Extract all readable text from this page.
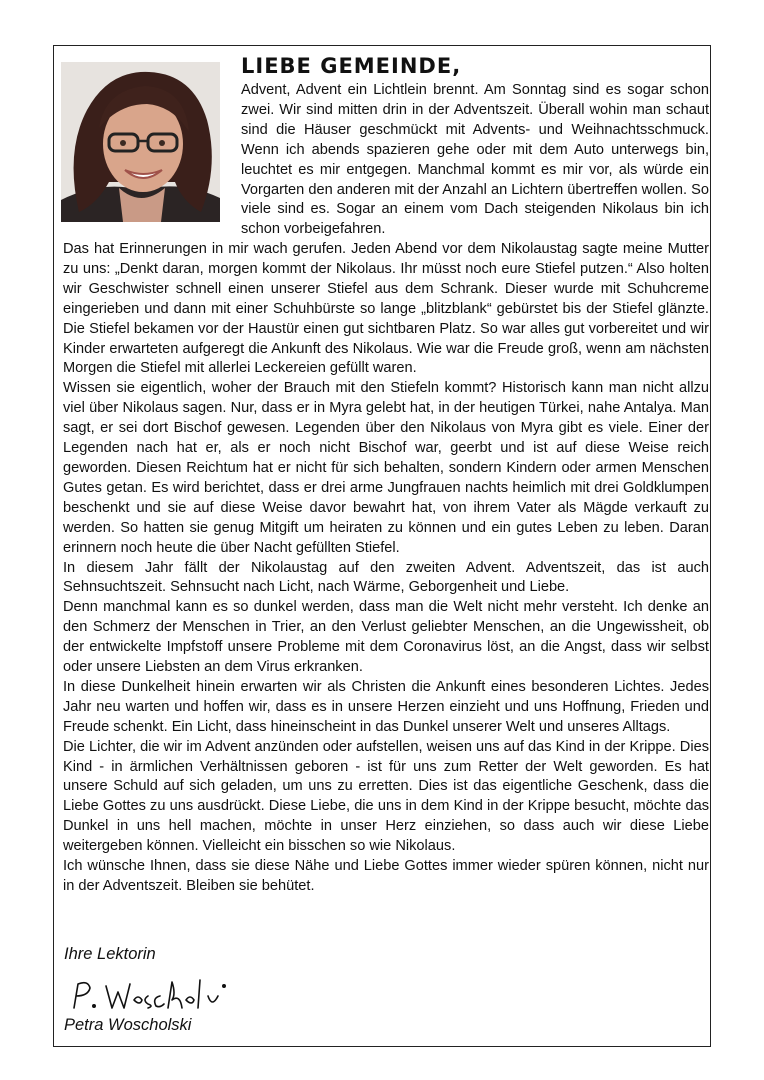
LIEBE GEMEINDE,

Advent, Advent ein Lichtlein brennt. Am Sonntag sind es sogar schon zwei. Wir sind mitten drin in der Adventszeit. Überall wohin man schaut sind die Häuser geschmückt mit Advents- und Weihnachtsschmuck. Wenn ich abends spazieren gehe oder mit dem Auto unterwegs bin, leuchtet es mir entgegen. Manchmal kommt es mir vor, als würde ein Vorgarten den anderen mit der Anzahl an Lichtern übertreffen wollen. So viele sind es. Sogar an einem vom Dach steigenden Nikolaus bin ich schon vorbeigefahren.

Das hat Erinnerungen in mir wach gerufen. Jeden Abend vor dem Nikolaustag sagte meine Mutter zu uns: „Denkt daran, morgen kommt der Nikolaus. Ihr müsst noch eure Stiefel putzen.“ Also holten wir Geschwister schnell einen unserer Stiefel aus dem Schrank. Dieser wurde mit Schuhcreme eingerieben und dann mit einer Schuhbürste so lange „blitzblank“ gebürstet bis der Stiefel glänzte. Die Stiefel bekamen vor der Haustür einen gut sichtbaren Platz. So war alles gut vorbereitet und wir Kinder erwarteten aufgeregt die Ankunft des Nikolaus. Wie war die Freude groß, wenn am nächsten Morgen die Stiefel mit allerlei Leckereien gefüllt waren.

Wissen sie eigentlich, woher der Brauch mit den Stiefeln kommt? Historisch kann man nicht allzu viel über Nikolaus sagen. Nur, dass er in Myra gelebt hat, in der heutigen Türkei, nahe Antalya. Man sagt, er sei dort Bischof gewesen. Legenden über den Nikolaus von Myra gibt es viele. Einer der Legenden nach hat er, als er noch nicht Bischof war, geerbt und ist auf diese Weise reich geworden. Diesen Reichtum hat er nicht für sich behalten, sondern Kindern oder armen Menschen Gutes getan. Es wird berichtet, dass er drei arme Jungfrauen nachts heimlich mit drei Goldklumpen beschenkt und sie auf diese Weise davor bewahrt hat, von ihrem Vater als Mägde verkauft zu werden. So hatten sie genug Mitgift um heiraten zu können und ein gutes Leben zu leben. Daran erinnern noch heute die über Nacht gefüllten Stiefel.

In diesem Jahr fällt der Nikolaustag auf den zweiten Advent. Adventszeit, das ist auch Sehnsuchtszeit. Sehnsucht nach Licht, nach Wärme, Geborgenheit und Liebe.

Denn manchmal kann es so dunkel werden, dass man die Welt nicht mehr versteht. Ich denke an den Schmerz der Menschen in Trier, an den Verlust geliebter Menschen, an die Ungewissheit, ob der entwickelte Impfstoff unsere Probleme mit dem Coronavirus löst, an die Angst, dass wir selbst oder unsere Liebsten an dem Virus erkranken.

In diese Dunkelheit hinein erwarten wir als Christen die Ankunft eines besonderen Lichtes. Jedes Jahr neu warten und hoffen wir, dass es in unsere Herzen einzieht und uns Hoffnung, Frieden und Freude schenkt. Ein Licht, dass hineinscheint in das Dunkel unserer Welt und unseres Alltags.

Die Lichter, die wir im Advent anzünden oder aufstellen, weisen uns auf das Kind in der Krippe. Dies Kind - in ärmlichen Verhältnissen geboren - ist für uns zum Retter der Welt geworden. Es hat unsere Schuld auf sich geladen, um uns zu erretten. Dies ist das eigentliche Geschenk, dass die Liebe Gottes zu uns ausdrückt. Diese Liebe, die uns in dem Kind in der Krippe besucht, möchte das Dunkel in uns hell machen, möchte in unser Herz einziehen, so dass auch wir diese Liebe weitergeben können. Vielleicht ein bisschen so wie Nikolaus.

Ich wünsche Ihnen, dass sie diese Nähe und Liebe Gottes immer wieder spüren können, nicht nur in der Adventszeit. Bleiben sie behütet.

Ihre Lektorin
Petra Woscholski
